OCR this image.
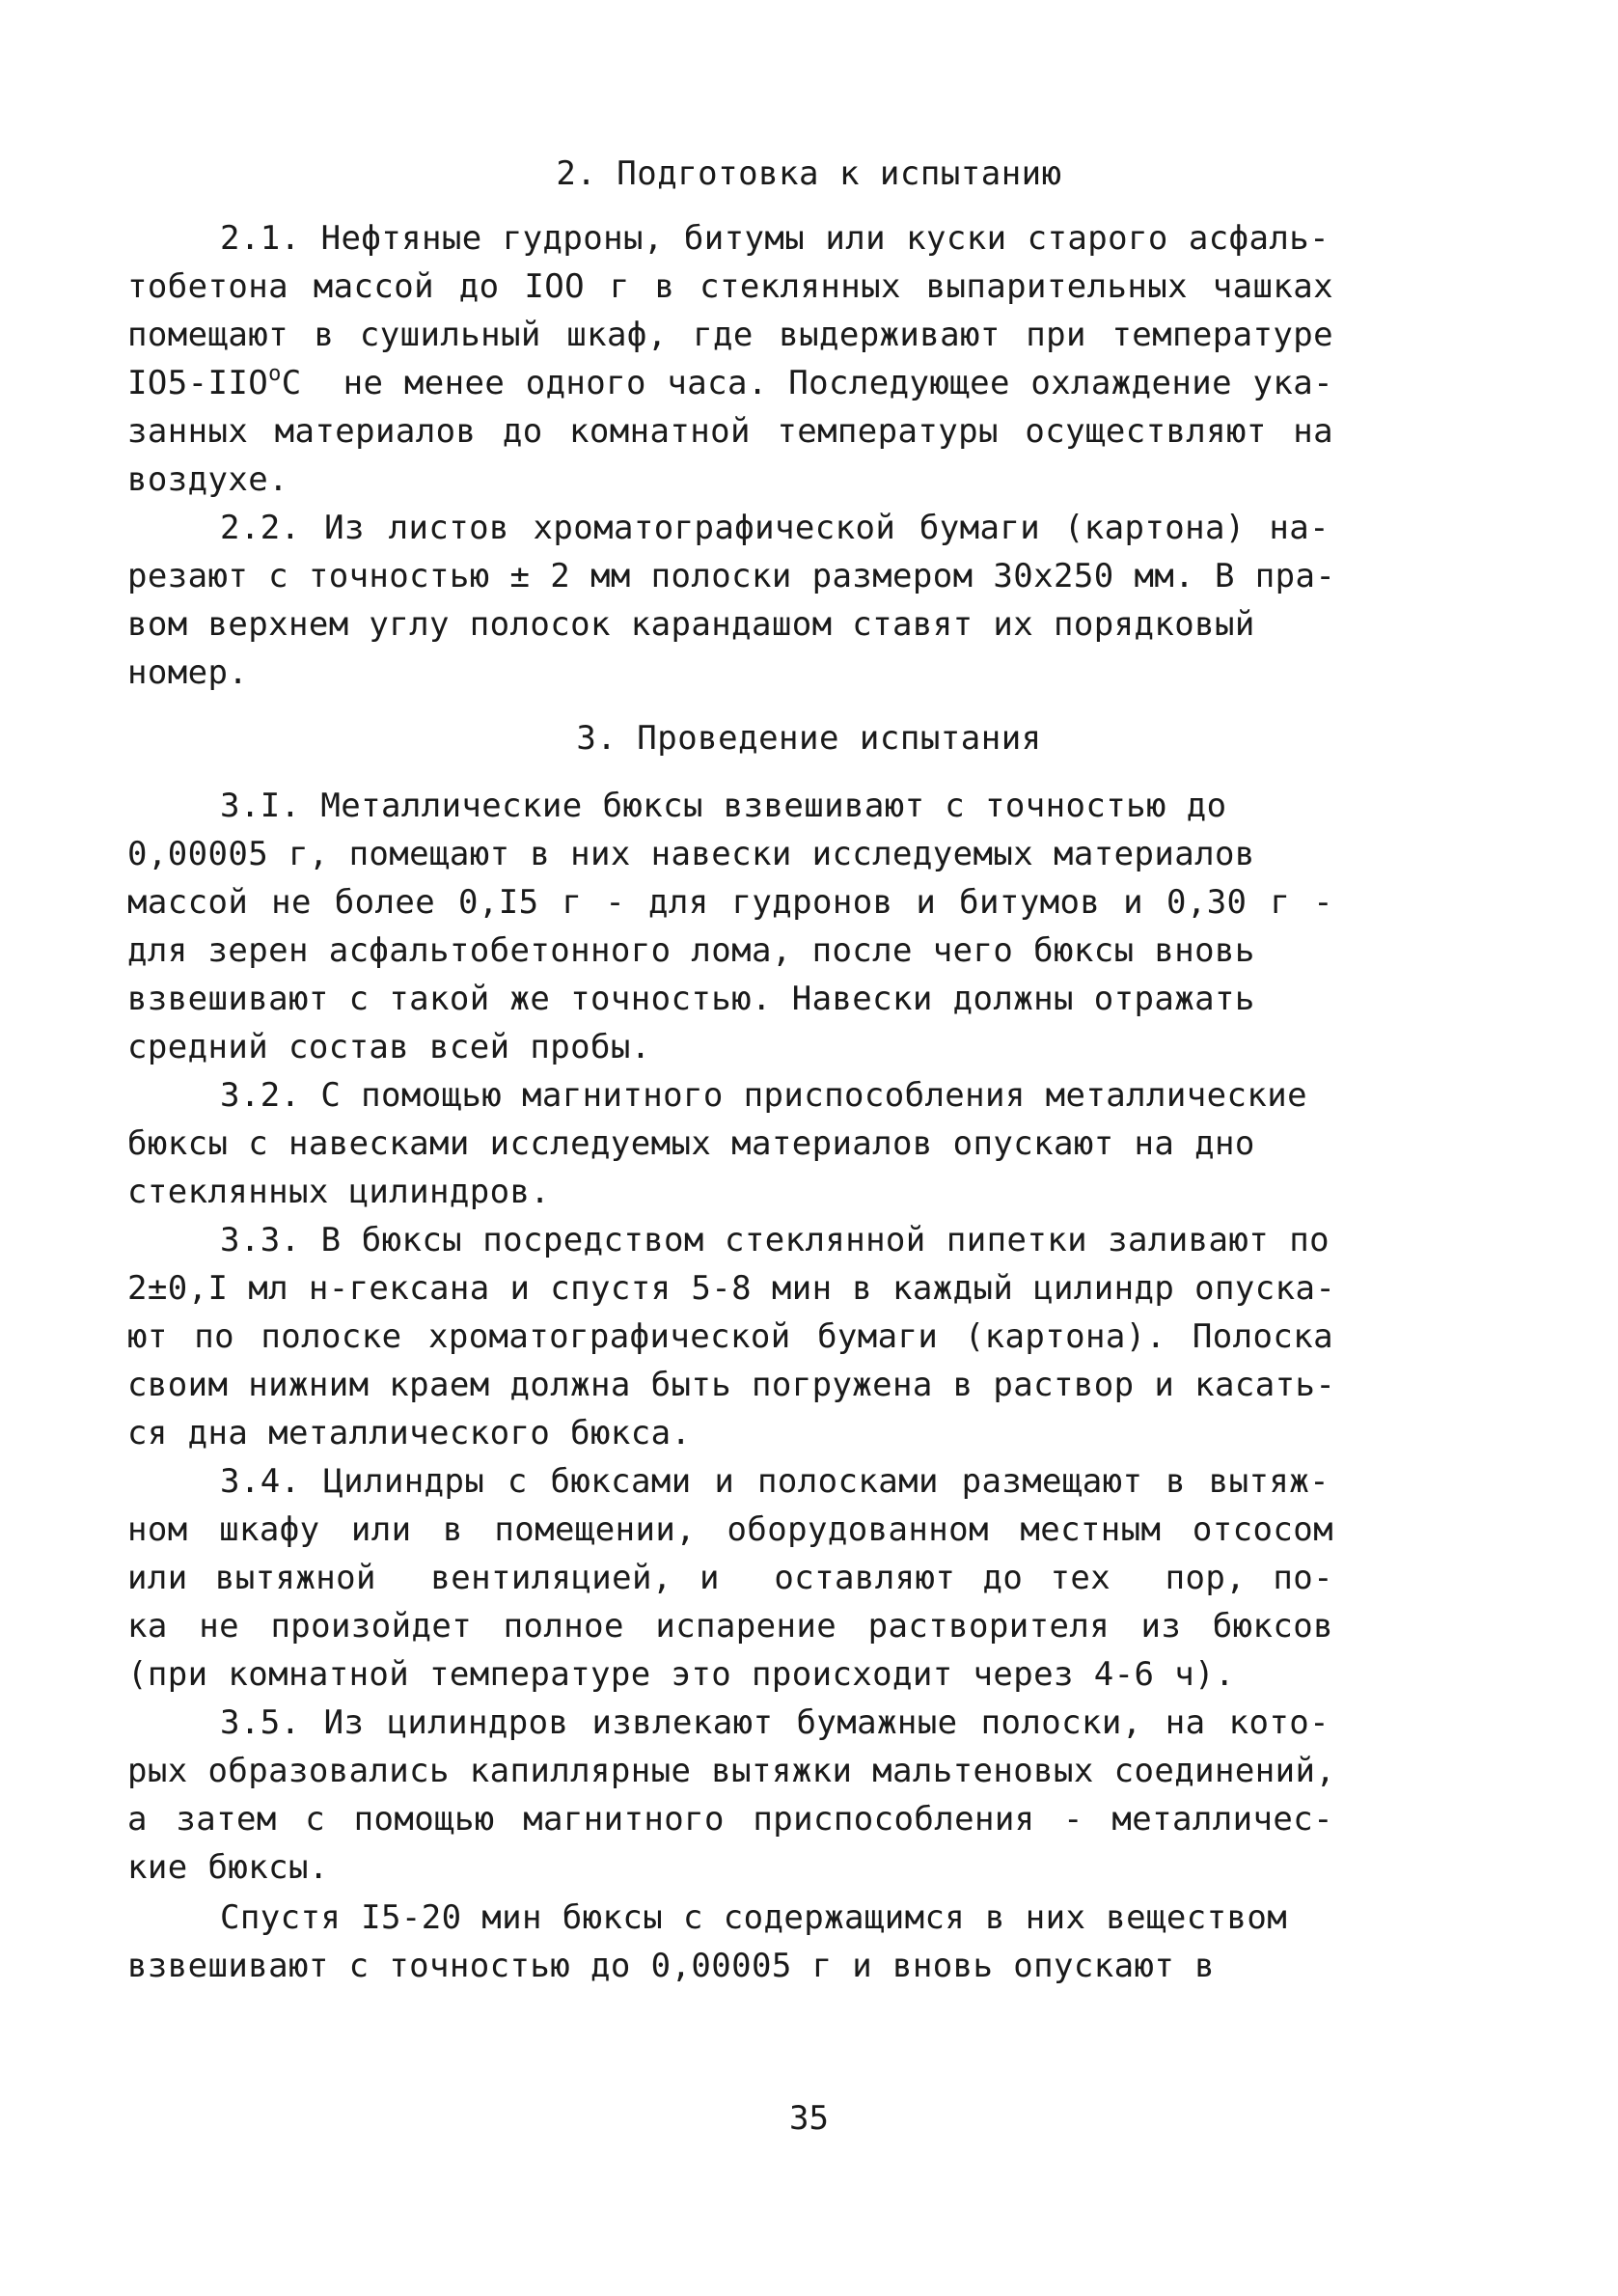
2. Подготовка к испытанию
2.1. Нефтяные гудроны, битумы или куски старого асфаль-
тобетона массой до IOO г в стеклянных выпарительных чашках
помещают в сушильный шкаф, где выдерживают при температуре
IO5-IIO$^o$С  не менее одного часа. Последующее охлаждение ука-
занных материалов до комнатной температуры осуществляют на
воздухе.
2.2. Из листов хроматографической бумаги (картона) на-
резают с точностью ± 2 мм полоски размером 30х250 мм. В пра-
вом верхнем углу полосок карандашом ставят их порядковый
номер.
3. Проведение испытания
3.I. Металлические бюксы взвешивают с точностью до
0,00005 г, помещают в них навески исследуемых материалов
массой не более 0,I5 г - для гудронов и битумов и 0,30 г -
для зерен асфальтобетонного лома, после чего бюксы вновь
взвешивают с такой же точностью. Навески должны отражать
средний состав всей пробы.
3.2. С помощью магнитного приспособления металлические
бюксы с навесками исследуемых материалов опускают на дно
стеклянных цилиндров.
3.3. В бюксы посредством стеклянной пипетки заливают по
2±0,I мл н-гексана и спустя 5-8 мин в каждый цилиндр опуска-
ют по полоске хроматографической бумаги (картона). Полоска
своим нижним краем должна быть погружена в раствор и касать-
ся дна металлического бюкса.
3.4. Цилиндры с бюксами и полосками размещают в вытяж-
ном шкафу или в помещении, оборудованном местным отсосом
или вытяжной  вентиляцией, и  оставляют до тех  пор, по-
ка не произойдет полное испарение растворителя из бюксов
(при комнатной температуре это происходит через 4-6 ч).
3.5. Из цилиндров извлекают бумажные полоски, на кото-
рых образовались капиллярные вытяжки мальтеновых соединений,
а затем с помощью магнитного приспособления - металличес-
кие бюксы.
Спустя I5-20 мин бюксы с содержащимся в них веществом
взвешивают с точностью до 0,00005 г и вновь опускают в
35
